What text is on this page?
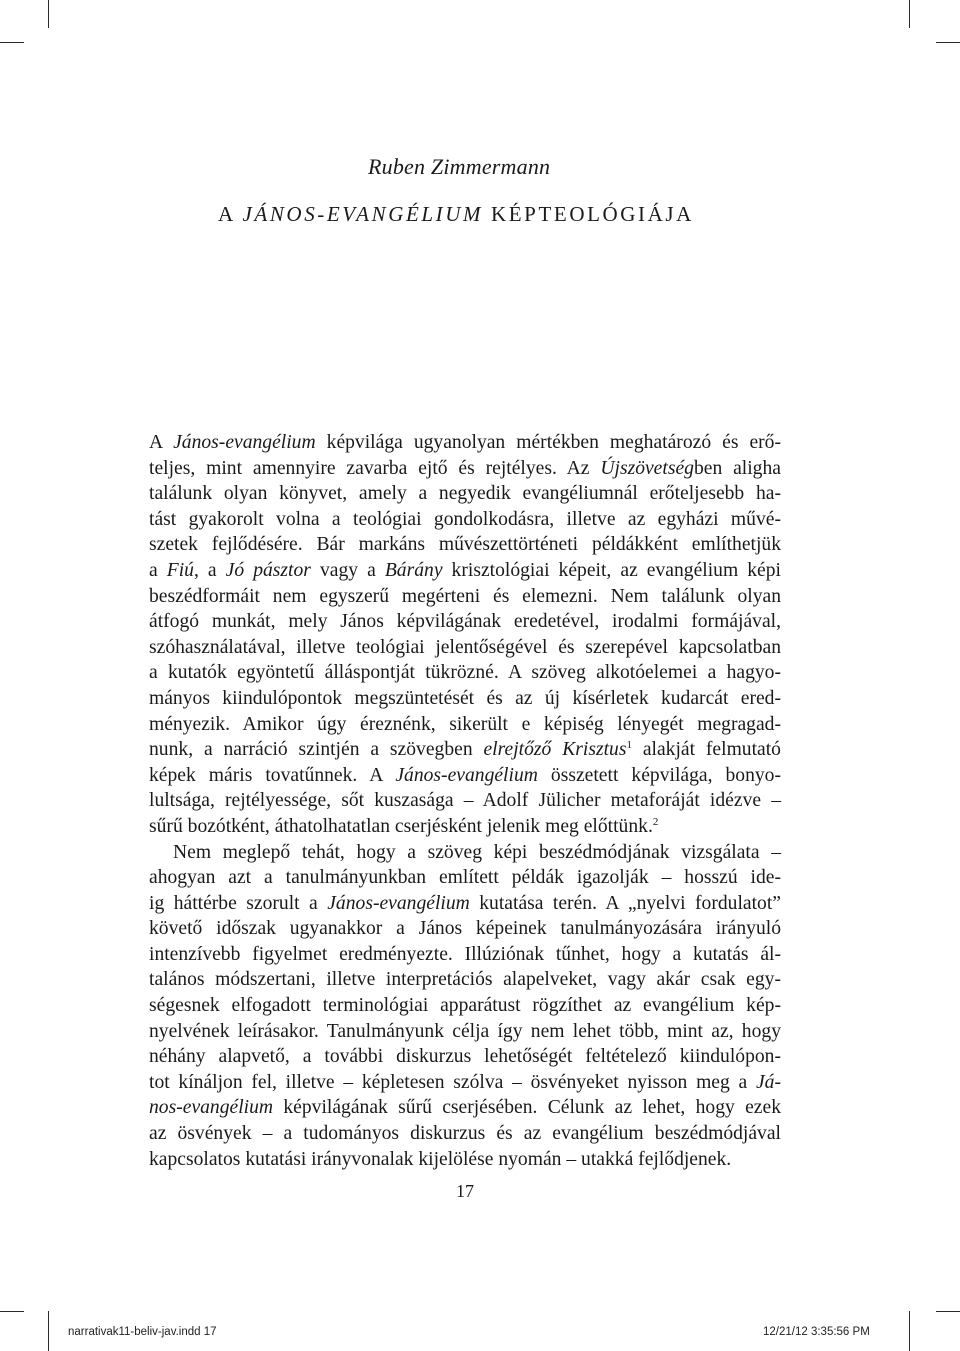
Ruben Zimmermann
A JÁNOS-EVANGÉLIUM KÉPTEOLÓGIÁJA
A János-evangélium képvilága ugyanolyan mértékben meghatározó és erő-
teljes, mint amennyire zavarba ejtő és rejtélyes. Az Újszövetségben aligha
találunk olyan könyvet, amely a negyedik evangéliumnál erőteljesebb ha-
tást gyakorolt volna a teológiai gondolkodásra, illetve az egyházi művé-
szetek fejlődésére. Bár markáns művészettörténeti példákként említhetjük
a Fiú, a Jó pásztor vagy a Bárány krisztológiai képeit, az evangélium képi
beszédformáit nem egyszerű megérteni és elemezni. Nem találunk olyan
átfogó munkát, mely János képvilágának eredetével, irodalmi formájával,
szóhasználatával, illetve teológiai jelentőségével és szerepével kapcsolatban
a kutatók egyöntetű álláspontját tükrözné. A szöveg alkotóelemei a hagyo-
mányos kiindulópontok megszüntetését és az új kísérletek kudarcát ered-
ményezik. Amikor úgy éreznénk, sikerült e képiség lényegét megragad-
nunk, a narráció szintjén a szövegben elrejtőző Krisztus$^1$ alakját felmutató
képek máris tovatűnnek. A János-evangélium összetett képvilága, bonyo-
lultsága, rejtélyessége, sőt kuszasága – Adolf Jülicher metaforáját idézve –
sűrű bozótként, áthatolhatatlan cserjésként jelenik meg előttünk.$^2$
Nem meglepő tehát, hogy a szöveg képi beszédmódjának vizsgálata –
ahogyan azt a tanulmányunkban említett példák igazolják – hosszú ide-
ig háttérbe szorult a János-evangélium kutatása terén. A „nyelvi fordulatot”
követő időszak ugyanakkor a János képeinek tanulmányozására irányuló
intenzívebb figyelmet eredményezte. Illúziónak tűnhet, hogy a kutatás ál-
talános módszertani, illetve interpretációs alapelveket, vagy akár csak egy-
ségesnek elfogadott terminológiai apparátust rögzíthet az evangélium kép-
nyelvének leírásakor. Tanulmányunk célja így nem lehet több, mint az, hogy
néhány alapvető, a további diskurzus lehetőségét feltételező kiindulópon-
tot kínáljon fel, illetve – képletesen szólva – ösvényeket nyisson meg a Já-
nos-evangélium képvilágának sűrű cserjésében. Célunk az lehet, hogy ezek
az ösvények – a tudományos diskurzus és az evangélium beszédmódjával
kapcsolatos kutatási irányvonalak kijelölése nyomán – utakká fejlődjenek.
17
narrativak11-beliv-jav.indd 17	12/21/12 3:35:56 PM
